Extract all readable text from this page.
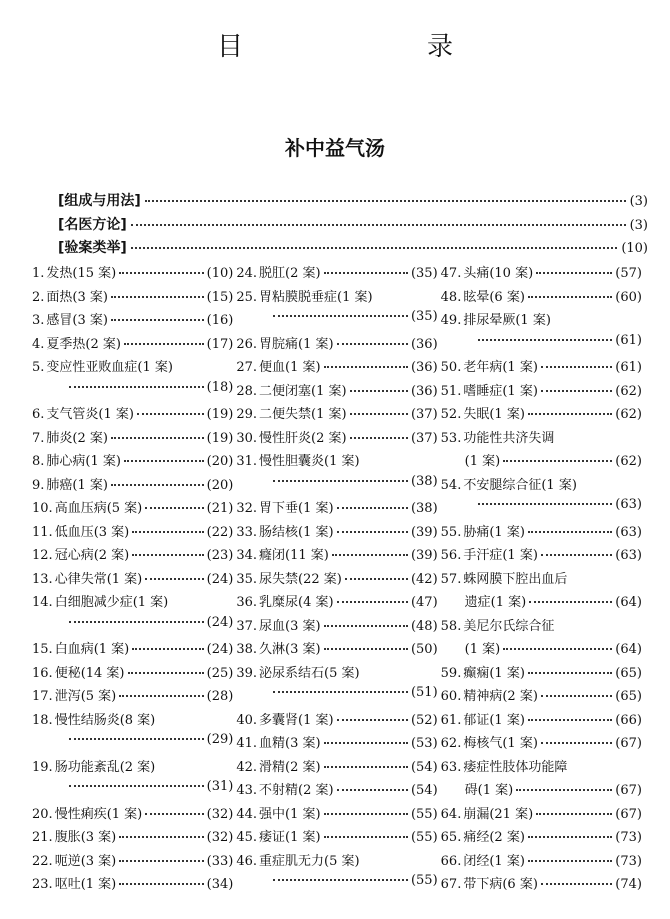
目　　录
补中益气汤
[组成与用法]	(3)
[名医方论]	(3)
[验案类举]	(10)
1. 发热(15 案)	(10)
2. 面热(3 案)	(15)
3. 感冒(3 案)	(16)
4. 夏季热(2 案)	(17)
5. 变应性亚败血症(1 案)
(18)
6. 支气管炎(1 案)	(19)
7. 肺炎(2 案)	(19)
8. 肺心病(1 案)	(20)
9. 肺癌(1 案)	(20)
10. 高血压病(5 案)	(21)
11. 低血压(3 案)	(22)
12. 冠心病(2 案)	(23)
13. 心律失常(1 案)	(24)
14. 白细胞减少症(1 案)
(24)
15. 白血病(1 案)	(24)
16. 便秘(14 案)	(25)
17. 泄泻(5 案)	(28)
18. 慢性结肠炎(8 案)
(29)
19. 肠功能紊乱(2 案)
(31)
20. 慢性痢疾(1 案)	(32)
21. 腹胀(3 案)	(32)
22. 呃逆(3 案)	(33)
23. 呕吐(1 案)	(34)
24. 脱肛(2 案)	(35)
25. 胃粘膜脱垂症(1 案)
(35)
26. 胃脘痛(1 案)	(36)
27. 便血(1 案)	(36)
28. 二便闭塞(1 案)	(36)
29. 二便失禁(1 案)	(37)
30. 慢性肝炎(2 案)	(37)
31. 慢性胆囊炎(1 案)
(38)
32. 胃下垂(1 案)	(38)
33. 肠结核(1 案)	(39)
34. 癃闭(11 案)	(39)
35. 尿失禁(22 案)	(42)
36. 乳糜尿(4 案)	(47)
37. 尿血(3 案)	(48)
38. 久淋(3 案)	(50)
39. 泌尿系结石(5 案)
(51)
40. 多囊肾(1 案)	(52)
41. 血精(3 案)	(53)
42. 滑精(2 案)	(54)
43. 不射精(2 案)	(54)
44. 强中(1 案)	(55)
45. 痿证(1 案)	(55)
46. 重症肌无力(5 案)
(55)
47. 头痛(10 案)	(57)
48. 眩晕(6 案)	(60)
49. 排尿晕厥(1 案)
(61)
50. 老年病(1 案)	(61)
51. 嗜睡症(1 案)	(62)
52. 失眠(1 案)	(62)
53. 功能性共济失调
(1 案)	(62)
54. 不安腿综合征(1 案)
(63)
55. 胁痛(1 案)	(63)
56. 手汗症(1 案)	(63)
57. 蛛网膜下腔出血后
遗症(1 案)	(64)
58. 美尼尔氏综合征
(1 案)	(64)
59. 癫痫(1 案)	(65)
60. 精神病(2 案)	(65)
61. 郁证(1 案)	(66)
62. 梅核气(1 案)	(67)
63. 痿症性肢体功能障
碍(1 案)	(67)
64. 崩漏(21 案)	(67)
65. 痛经(2 案)	(73)
66. 闭经(1 案)	(73)
67. 带下病(6 案)	(74)
